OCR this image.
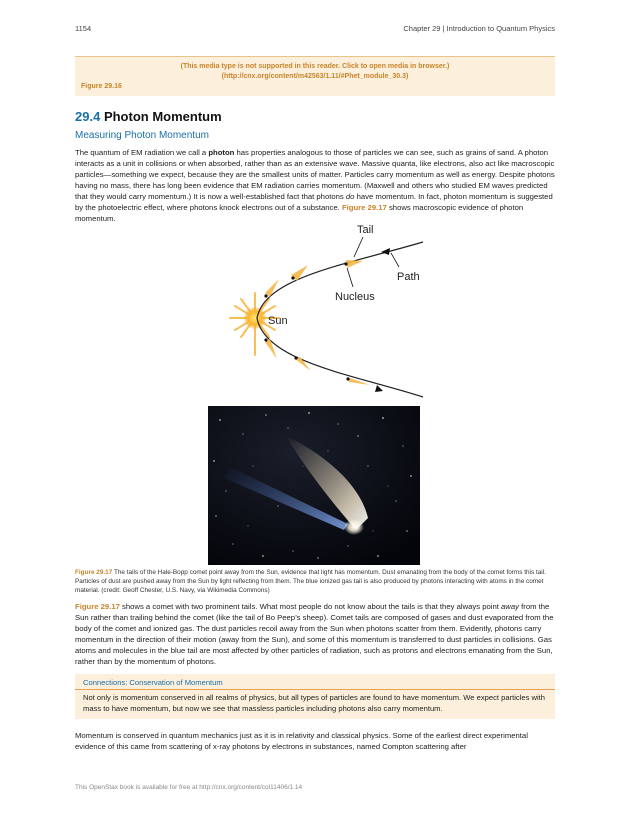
1154	Chapter 29 | Introduction to Quantum Physics
(This media type is not supported in this reader. Click to open media in browser.) (http://cnx.org/content/m42563/1.11/#Phet_module_30.3)
Figure 29.16
29.4 Photon Momentum
Measuring Photon Momentum

The quantum of EM radiation we call a photon has properties analogous to those of particles we can see, such as grains of sand. A photon interacts as a unit in collisions or when absorbed, rather than as an extensive wave. Massive quanta, like electrons, also act like macroscopic particles—something we expect, because they are the smallest units of matter. Particles carry momentum as well as energy. Despite photons having no mass, there has long been evidence that EM radiation carries momentum. (Maxwell and others who studied EM waves predicted that they would carry momentum.) It is now a well-established fact that photons do have momentum. In fact, photon momentum is suggested by the photoelectric effect, where photons knock electrons out of a substance. Figure 29.17 shows macroscopic evidence of photon momentum.

Tail
Path
Nucleus
Sun

Figure 29.17 The tails of the Hale-Bopp comet point away from the Sun, evidence that light has momentum. Dust emanating from the body of the comet forms this tail. Particles of dust are pushed away from the Sun by light reflecting from them. The blue ionized gas tail is also produced by photons interacting with atoms in the comet material. (credit: Geoff Chester, U.S. Navy, via Wikimedia Commons)

Figure 29.17 shows a comet with two prominent tails. What most people do not know about the tails is that they always point away from the Sun rather than trailing behind the comet (like the tail of Bo Peep’s sheep). Comet tails are composed of gases and dust evaporated from the body of the comet and ionized gas. The dust particles recoil away from the Sun when photons scatter from them. Evidently, photons carry momentum in the direction of their motion (away from the Sun), and some of this momentum is transferred to dust particles in collisions. Gas atoms and molecules in the blue tail are most affected by other particles of radiation, such as protons and electrons emanating from the Sun, rather than by the momentum of photons.

Connections: Conservation of Momentum

Not only is momentum conserved in all realms of physics, but all types of particles are found to have momentum. We expect particles with mass to have momentum, but now we see that massless particles including photons also carry momentum.

Momentum is conserved in quantum mechanics just as it is in relativity and classical physics. Some of the earliest direct experimental evidence of this came from scattering of x-ray photons by electrons in substances, named Compton scattering after

This OpenStax book is available for free at http://cnx.org/content/col11406/1.14
